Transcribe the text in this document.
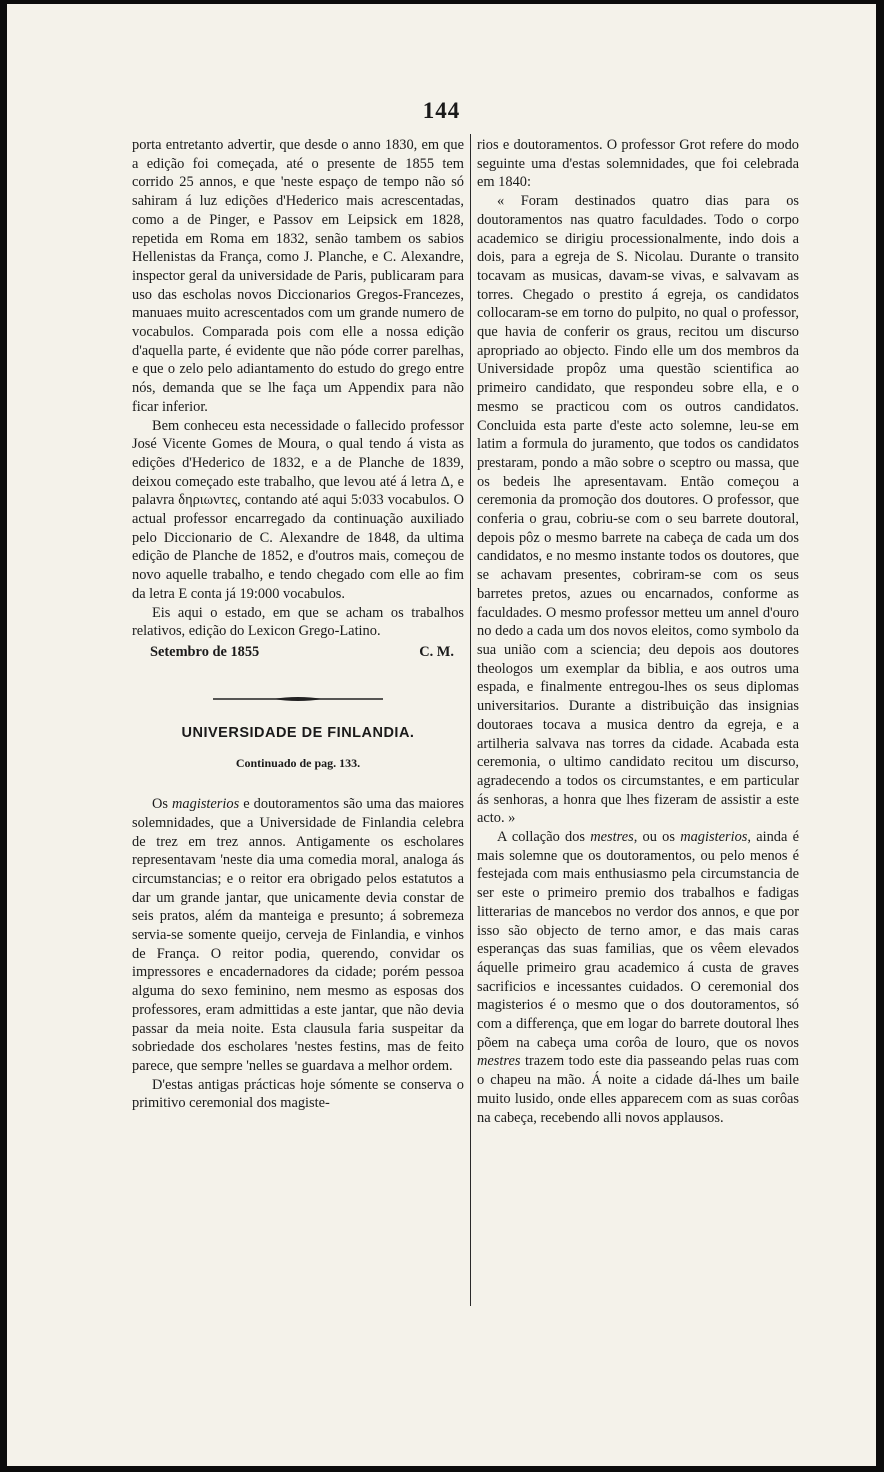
144

porta entretanto advertir, que desde o anno 1830, em que a edição foi começada, até o presente de 1855 tem corrido 25 annos, e que 'neste espaço de tempo não só sahiram á luz edições d'Hederico mais acrescentadas, como a de Pinger, e Passov em Leipsick em 1828, repetida em Roma em 1832, senão tambem os sabios Hellenistas da França, como J. Planche, e C. Alexandre, inspector geral da universidade de Paris, publicaram para uso das escholas novos Diccionarios Gregos-Francezes, manuaes muito acrescentados com um grande numero de vocabulos. Comparada pois com elle a nossa edição d'aquella parte, é evidente que não póde correr parelhas, e que o zelo pelo adiantamento do estudo do grego entre nós, demanda que se lhe faça um Appendix para não ficar inferior.

Bem conheceu esta necessidade o fallecido professor José Vicente Gomes de Moura, o qual tendo á vista as edições d'Hederico de 1832, e a de Planche de 1839, deixou começado este trabalho, que levou até á letra Δ, e palavra δηριωντες, contando até aqui 5:033 vocabulos. O actual professor encarregado da continuação auxiliado pelo Diccionario de C. Alexandre de 1848, da ultima edição de Planche de 1852, e d'outros mais, começou de novo aquelle trabalho, e tendo chegado com elle ao fim da letra E conta já 19:000 vocabulos.

Eis aqui o estado, em que se acham os trabalhos relativos, edição do Lexicon Grego-Latino.

Setembro de 1855	C. M.
UNIVERSIDADE DE FINLANDIA.
Continuado de pag. 133.

Os magisterios e doutoramentos são uma das maiores solemnidades, que a Universidade de Finlandia celebra de trez em trez annos. Antigamente os escholares representavam 'neste dia uma comedia moral, analoga ás circumstancias; e o reitor era obrigado pelos estatutos a dar um grande jantar, que unicamente devia constar de seis pratos, além da manteiga e presunto; á sobremeza servia-se somente queijo, cerveja de Finlandia, e vinhos de França. O reitor podia, querendo, convidar os impressores e encadernadores da cidade; porém pessoa alguma do sexo feminino, nem mesmo as esposas dos professores, eram admittidas a este jantar, que não devia passar da meia noite. Esta clausula faria suspeitar da sobriedade dos escholares 'nestes festins, mas de feito parece, que sempre 'nelles se guardava a melhor ordem.

D'estas antigas prácticas hoje sómente se conserva o primitivo ceremonial dos magiste-

rios e doutoramentos. O professor Grot refere do modo seguinte uma d'estas solemnidades, que foi celebrada em 1840:

« Foram destinados quatro dias para os doutoramentos nas quatro faculdades. Todo o corpo academico se dirigiu processionalmente, indo dois a dois, para a egreja de S. Nicolau. Durante o transito tocavam as musicas, davam-se vivas, e salvavam as torres. Chegado o prestito á egreja, os candidatos collocaram-se em torno do pulpito, no qual o professor, que havia de conferir os graus, recitou um discurso apropriado ao objecto. Findo elle um dos membros da Universidade propôz uma questão scientifica ao primeiro candidato, que respondeu sobre ella, e o mesmo se practicou com os outros candidatos. Concluida esta parte d'este acto solemne, leu-se em latim a formula do juramento, que todos os candidatos prestaram, pondo a mão sobre o sceptro ou massa, que os bedeis lhe apresentavam. Então começou a ceremonia da promoção dos doutores. O professor, que conferia o grau, cobriu-se com o seu barrete doutoral, depois pôz o mesmo barrete na cabeça de cada um dos candidatos, e no mesmo instante todos os doutores, que se achavam presentes, cobriram-se com os seus barretes pretos, azues ou encarnados, conforme as faculdades. O mesmo professor metteu um annel d'ouro no dedo a cada um dos novos eleitos, como symbolo da sua união com a sciencia; deu depois aos doutores theologos um exemplar da biblia, e aos outros uma espada, e finalmente entregou-lhes os seus diplomas universitarios. Durante a distribuição das insignias doutoraes tocava a musica dentro da egreja, e a artilheria salvava nas torres da cidade. Acabada esta ceremonia, o ultimo candidato recitou um discurso, agradecendo a todos os circumstantes, e em particular ás senhoras, a honra que lhes fizeram de assistir a este acto. »

A collação dos mestres, ou os magisterios, ainda é mais solemne que os doutoramentos, ou pelo menos é festejada com mais enthusiasmo pela circumstancia de ser este o primeiro premio dos trabalhos e fadigas litterarias de mancebos no verdor dos annos, e que por isso são objecto de terno amor, e das mais caras esperanças das suas familias, que os vêem elevados áquelle primeiro grau academico á custa de graves sacrificios e incessantes cuidados. O ceremonial dos magisterios é o mesmo que o dos doutoramentos, só com a differença, que em logar do barrete doutoral lhes põem na cabeça uma corôa de louro, que os novos mestres trazem todo este dia passeando pelas ruas com o chapeu na mão. Á noite a cidade dá-lhes um baile muito lusido, onde elles apparecem com as suas corôas na cabeça, recebendo alli novos applausos.
